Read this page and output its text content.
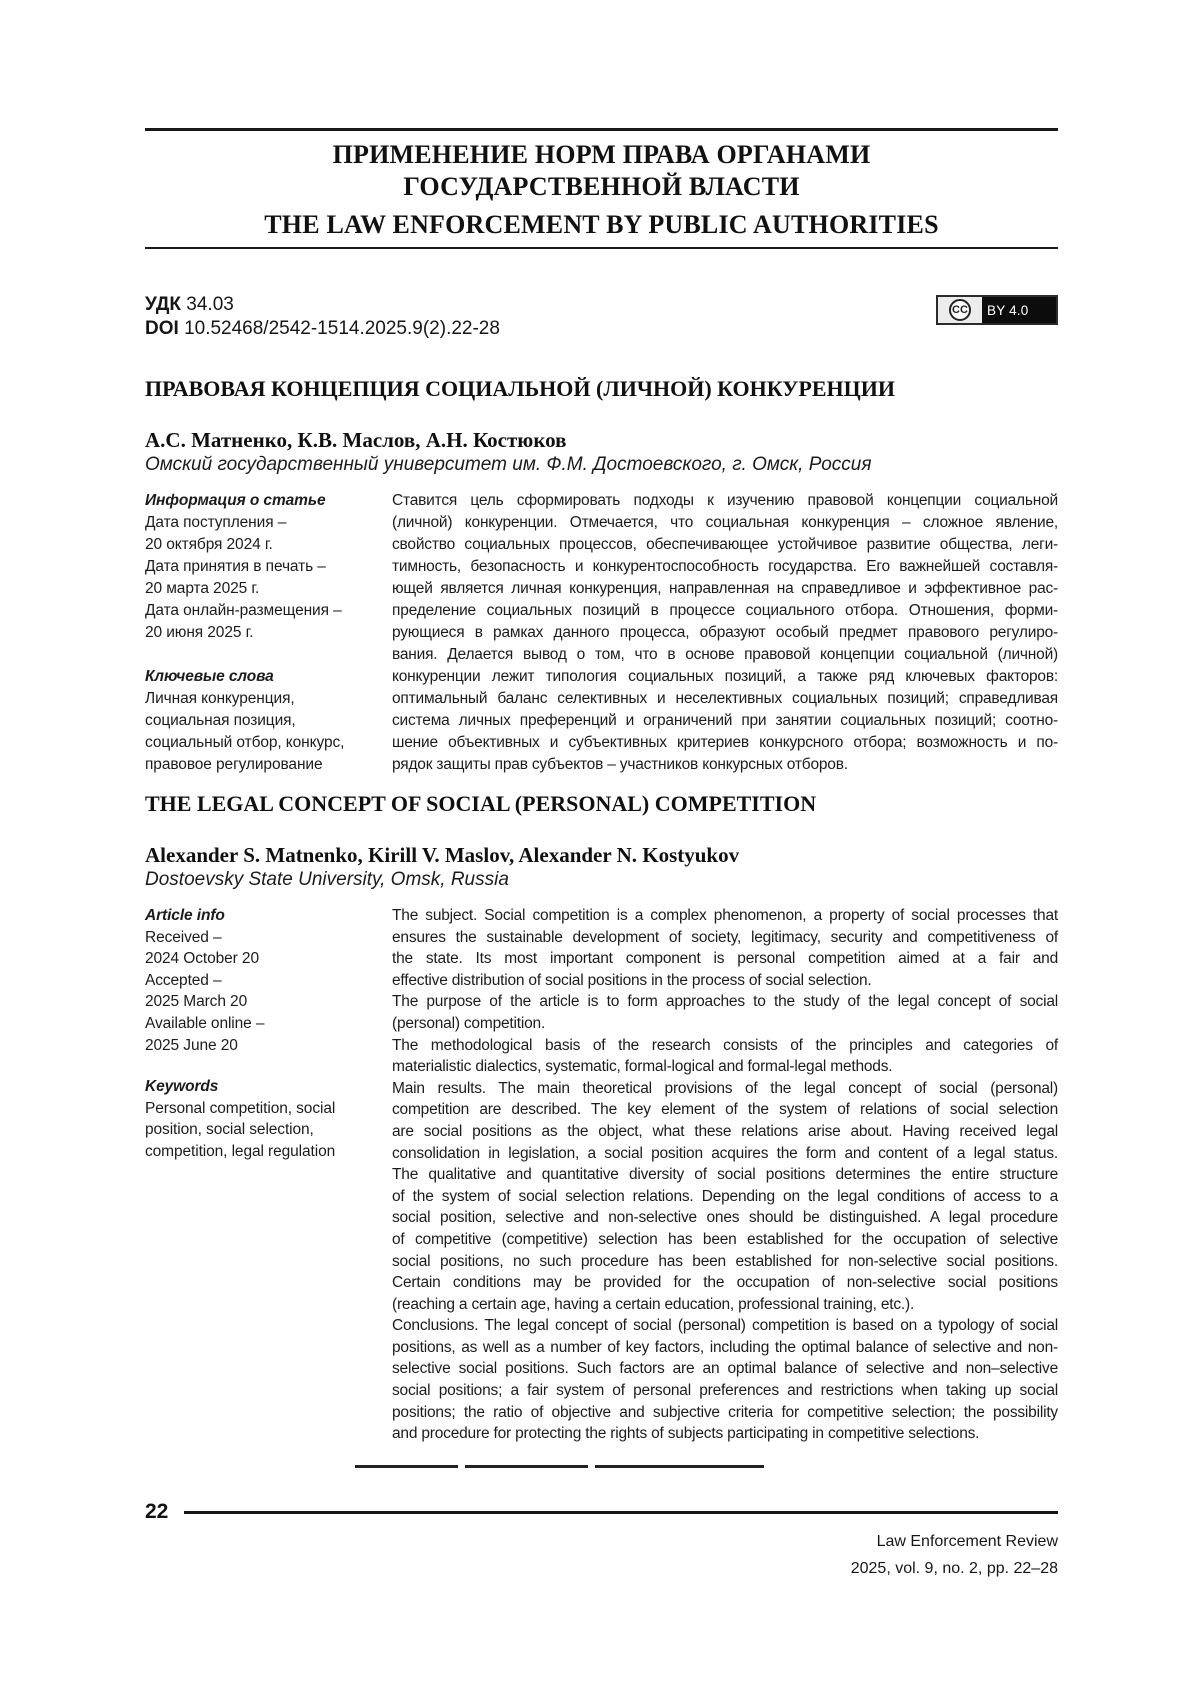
ПРИМЕНЕНИЕ НОРМ ПРАВА ОРГАНАМИ
ГОСУДАРСТВЕННОЙ ВЛАСТИ
THE LAW ENFORCEMENT BY PUBLIC AUTHORITIES
УДК 34.03
DOI 10.52468/2542-1514.2025.9(2).22-28
CC	BY 4.0
ПРАВОВАЯ КОНЦЕПЦИЯ СОЦИАЛЬНОЙ (ЛИЧНОЙ) КОНКУРЕНЦИИ
А.С. Матненко, К.В. Маслов, А.Н. Костюков
Омский государственный университет им. Ф.М. Достоевского, г. Омск, Россия
Информация о статье
Дата поступления –
20 октября 2024 г.
Дата принятия в печать –
20 марта 2025 г.
Дата онлайн-размещения –
20 июня 2025 г.
Ключевые слова
Личная конкуренция,
социальная позиция,
социальный отбор, конкурс,
правовое регулирование
Ставится цель сформировать подходы к изучению правовой концепции социальной
(личной) конкуренции. Отмечается, что социальная конкуренция – сложное явление,
свойство социальных процессов, обеспечивающее устойчивое развитие общества, леги-
тимность, безопасность и конкурентоспособность государства. Его важнейшей составля-
ющей является личная конкуренция, направленная на справедливое и эффективное рас-
пределение социальных позиций в процессе социального отбора. Отношения, форми-
рующиеся в рамках данного процесса, образуют особый предмет правового регулиро-
вания. Делается вывод о том, что в основе правовой концепции социальной (личной)
конкуренции лежит типология социальных позиций, а также ряд ключевых факторов:
оптимальный баланс селективных и неселективных социальных позиций; справедливая
система личных преференций и ограничений при занятии социальных позиций; соотно-
шение объективных и субъективных критериев конкурсного отбора; возможность и по-
рядок защиты прав субъектов – участников конкурсных отборов.
THE LEGAL CONCEPT OF SOCIAL (PERSONAL) COMPETITION
Alexander S. Matnenko, Kirill V. Maslov, Alexander N. Kostyukov
Dostoevsky State University, Omsk, Russia
Article info
Received –
2024 October 20
Accepted –
2025 March 20
Available online –
2025 June 20
Keywords
Personal competition, social
position, social selection,
competition, legal regulation
The subject. Social competition is a complex phenomenon, a property of social processes that
ensures the sustainable development of society, legitimacy, security and competitiveness of
the state. Its most important component is personal competition aimed at a fair and
effective distribution of social positions in the process of social selection.
The purpose of the article is to form approaches to the study of the legal concept of social
(personal) competition.
The methodological basis of the research consists of the principles and categories of
materialistic dialectics, systematic, formal-logical and formal-legal methods.
Main results. The main theoretical provisions of the legal concept of social (personal)
competition are described. The key element of the system of relations of social selection
are social positions as the object, what these relations arise about. Having received legal
consolidation in legislation, a social position acquires the form and content of a legal status.
The qualitative and quantitative diversity of social positions determines the entire structure
of the system of social selection relations. Depending on the legal conditions of access to a
social position, selective and non-selective ones should be distinguished. A legal procedure
of competitive (competitive) selection has been established for the occupation of selective
social positions, no such procedure has been established for non-selective social positions.
Certain conditions may be provided for the occupation of non-selective social positions
(reaching a certain age, having a certain education, professional training, etc.).
Conclusions. The legal concept of social (personal) competition is based on a typology of social
positions, as well as a number of key factors, including the optimal balance of selective and non-
selective social positions. Such factors are an optimal balance of selective and non–selective
social positions; a fair system of personal preferences and restrictions when taking up social
positions; the ratio of objective and subjective criteria for competitive selection; the possibility
and procedure for protecting the rights of subjects participating in competitive selections.
22
Law Enforcement Review
2025, vol. 9, no. 2, pp. 22–28
